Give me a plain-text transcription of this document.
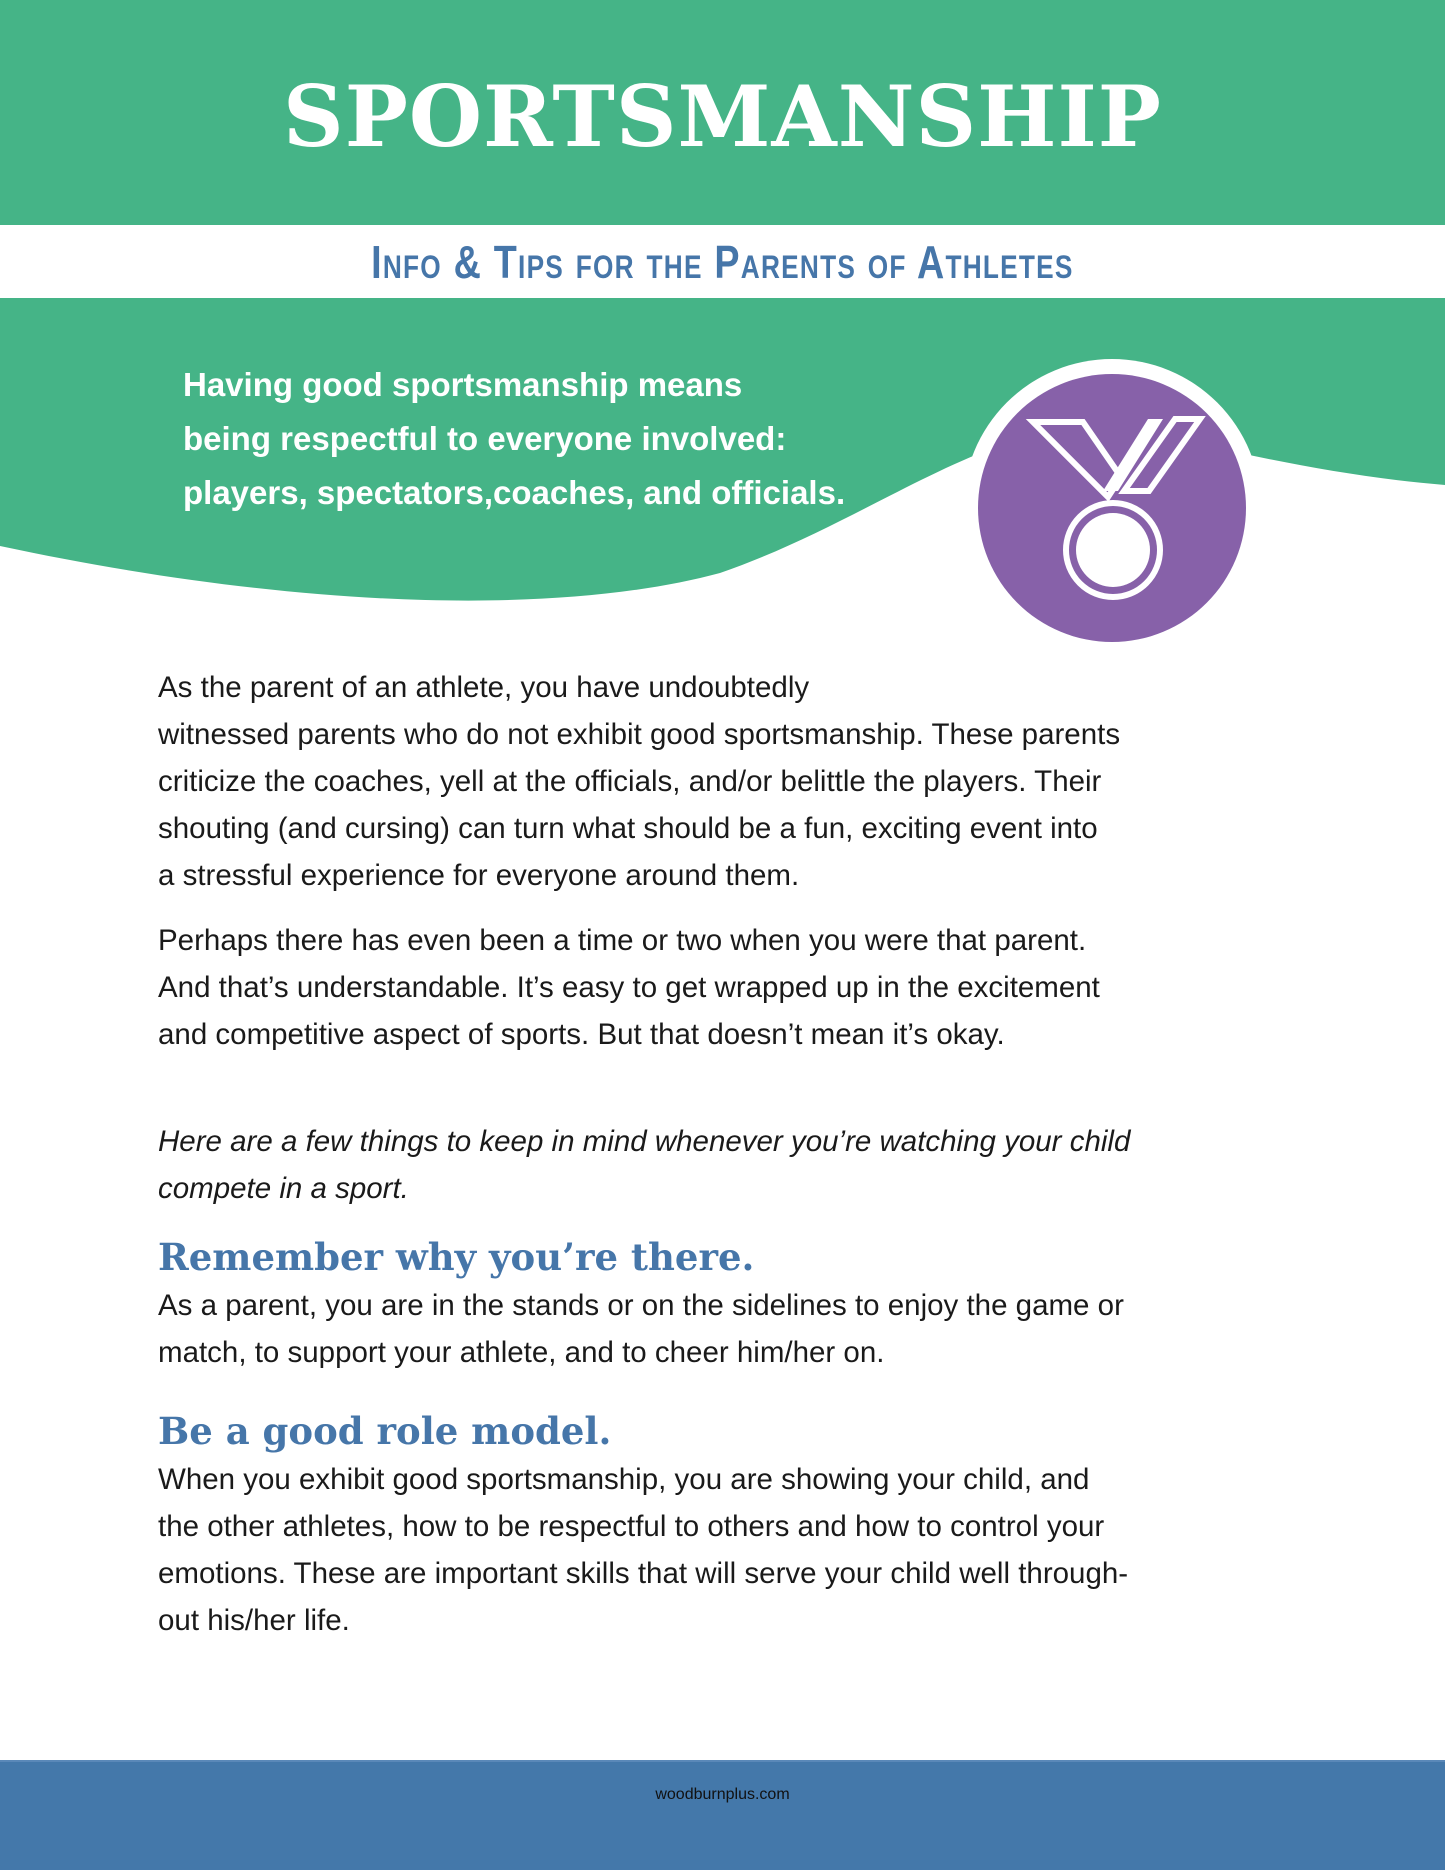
SPORTSMANSHIP
Info & Tips for the Parents of Athletes
Having good sportsmanship means
being respectful to everyone involved:
players, spectators,coaches, and officials.

As the parent of an athlete, you have undoubtedly
witnessed parents who do not exhibit good sportsmanship. These parents
criticize the coaches, yell at the officials, and/or belittle the players. Their
shouting (and cursing) can turn what should be a fun, exciting event into
a stressful experience for everyone around them.

Perhaps there has even been a time or two when you were that parent.
And that’s understandable. It’s easy to get wrapped up in the excitement
and competitive aspect of sports. But that doesn’t mean it’s okay.

Here are a few things to keep in mind whenever you’re watching your child
compete in a sport.

Remember why you’re there.

As a parent, you are in the stands or on the sidelines to enjoy the game or
match, to support your athlete, and to cheer him/her on.

Be a good role model.

When you exhibit good sportsmanship, you are showing your child, and
the other athletes, how to be respectful to others and how to control your
emotions. These are important skills that will serve your child well through-
out his/her life.

woodburnplus.com
